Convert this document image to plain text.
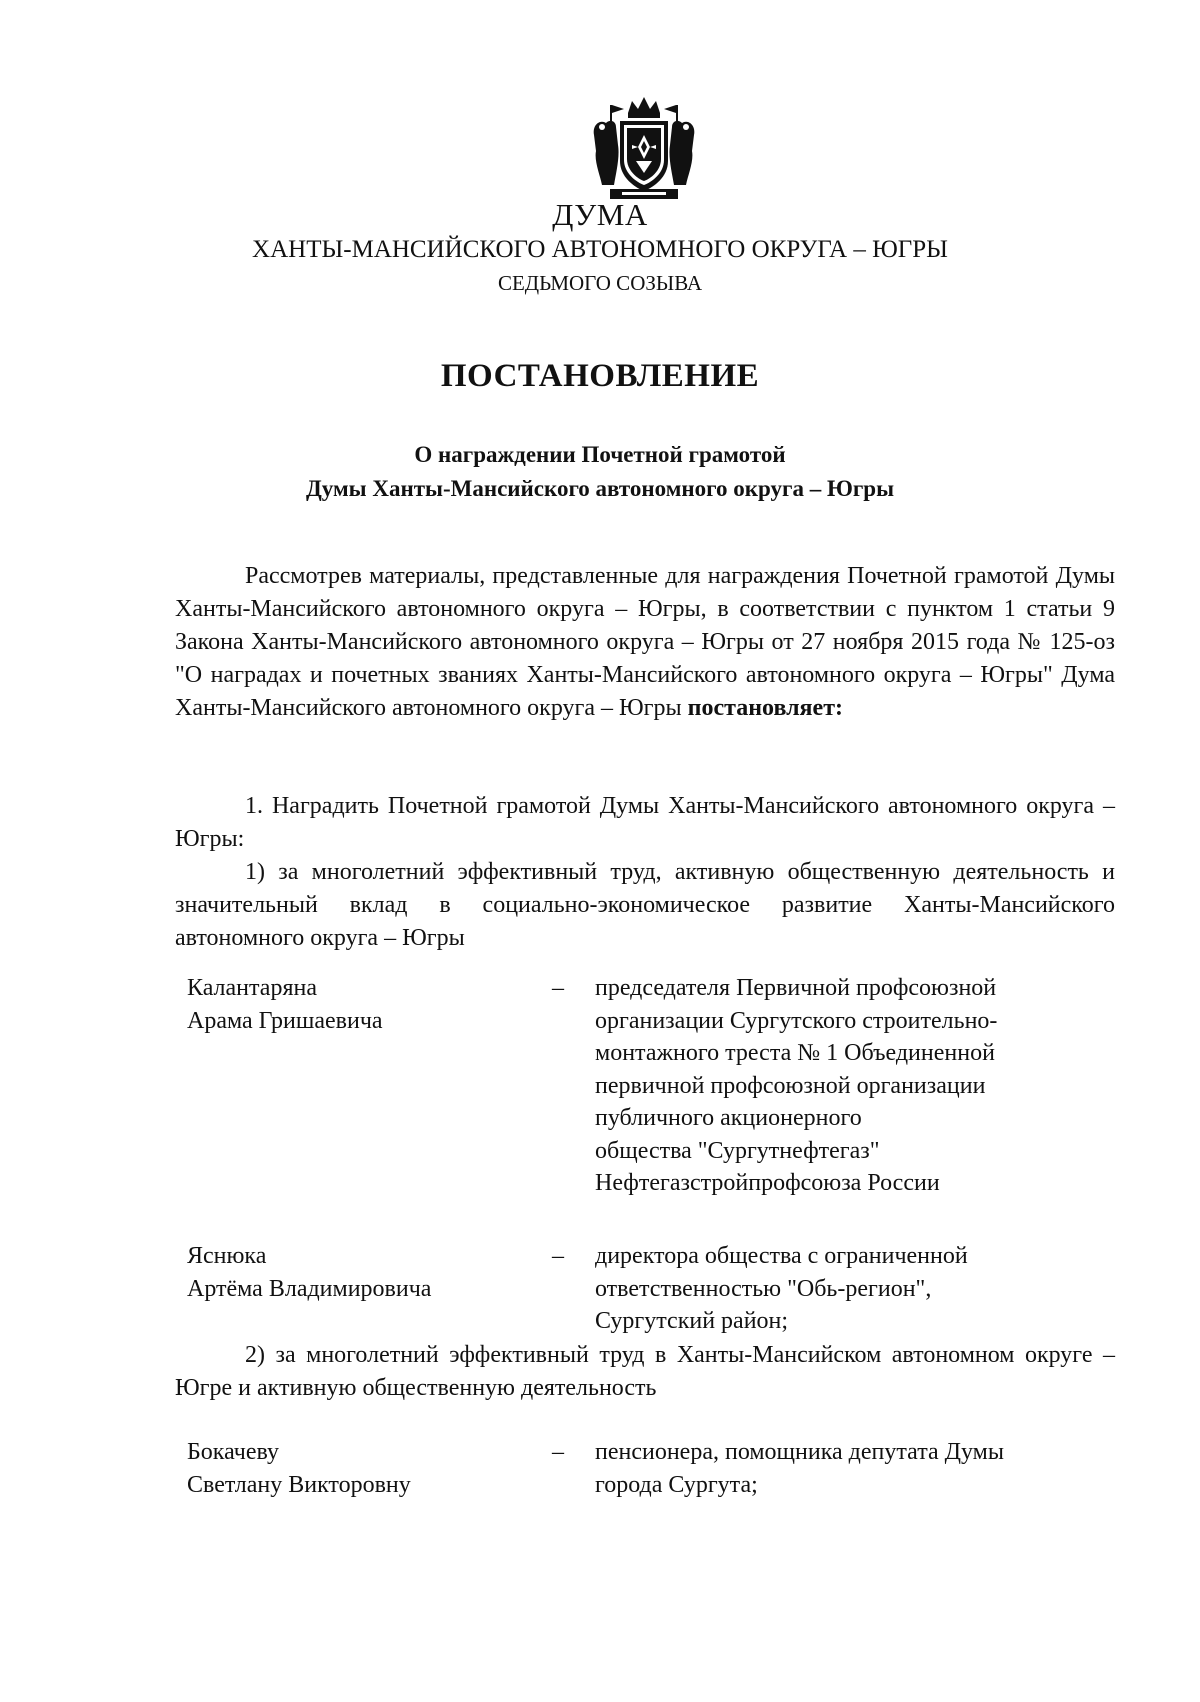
ДУМА
ХАНТЫ-МАНСИЙСКОГО АВТОНОМНОГО ОКРУГА – ЮГРЫ
СЕДЬМОГО СОЗЫВА
ПОСТАНОВЛЕНИЕ
О награждении Почетной грамотой
Думы Ханты-Мансийского автономного округа – Югры
Рассмотрев материалы, представленные для награждения Почетной грамотой Думы Ханты-Мансийского автономного округа – Югры, в соответствии с пунктом 1 статьи 9 Закона Ханты-Мансийского автономного округа – Югры от 27 ноября 2015 года № 125-оз "О наградах и почетных званиях Ханты-Мансийского автономного округа – Югры" Дума Ханты-Мансийского автономного округа – Югры постановляет:
1. Наградить Почетной грамотой Думы Ханты-Мансийского автономного округа – Югры:
1) за многолетний эффективный труд, активную общественную деятельность и значительный вклад в социально-экономическое развитие Ханты-Мансийского автономного округа – Югры
Калантаряна
Арама Гришаевича
– председателя Первичной профсоюзной
организации Сургутского строительно-
монтажного треста № 1 Объединенной
первичной профсоюзной организации
публичного акционерного
общества "Сургутнефтегаз"
Нефтегазстройпрофсоюза России
Яснюка
Артёма Владимировича
– директора общества с ограниченной
ответственностью "Обь-регион",
Сургутский район;
2) за многолетний эффективный труд в Ханты-Мансийском автономном округе – Югре и активную общественную деятельность
Бокачеву
Светлану Викторовну
– пенсионера, помощника депутата Думы
города Сургута;
